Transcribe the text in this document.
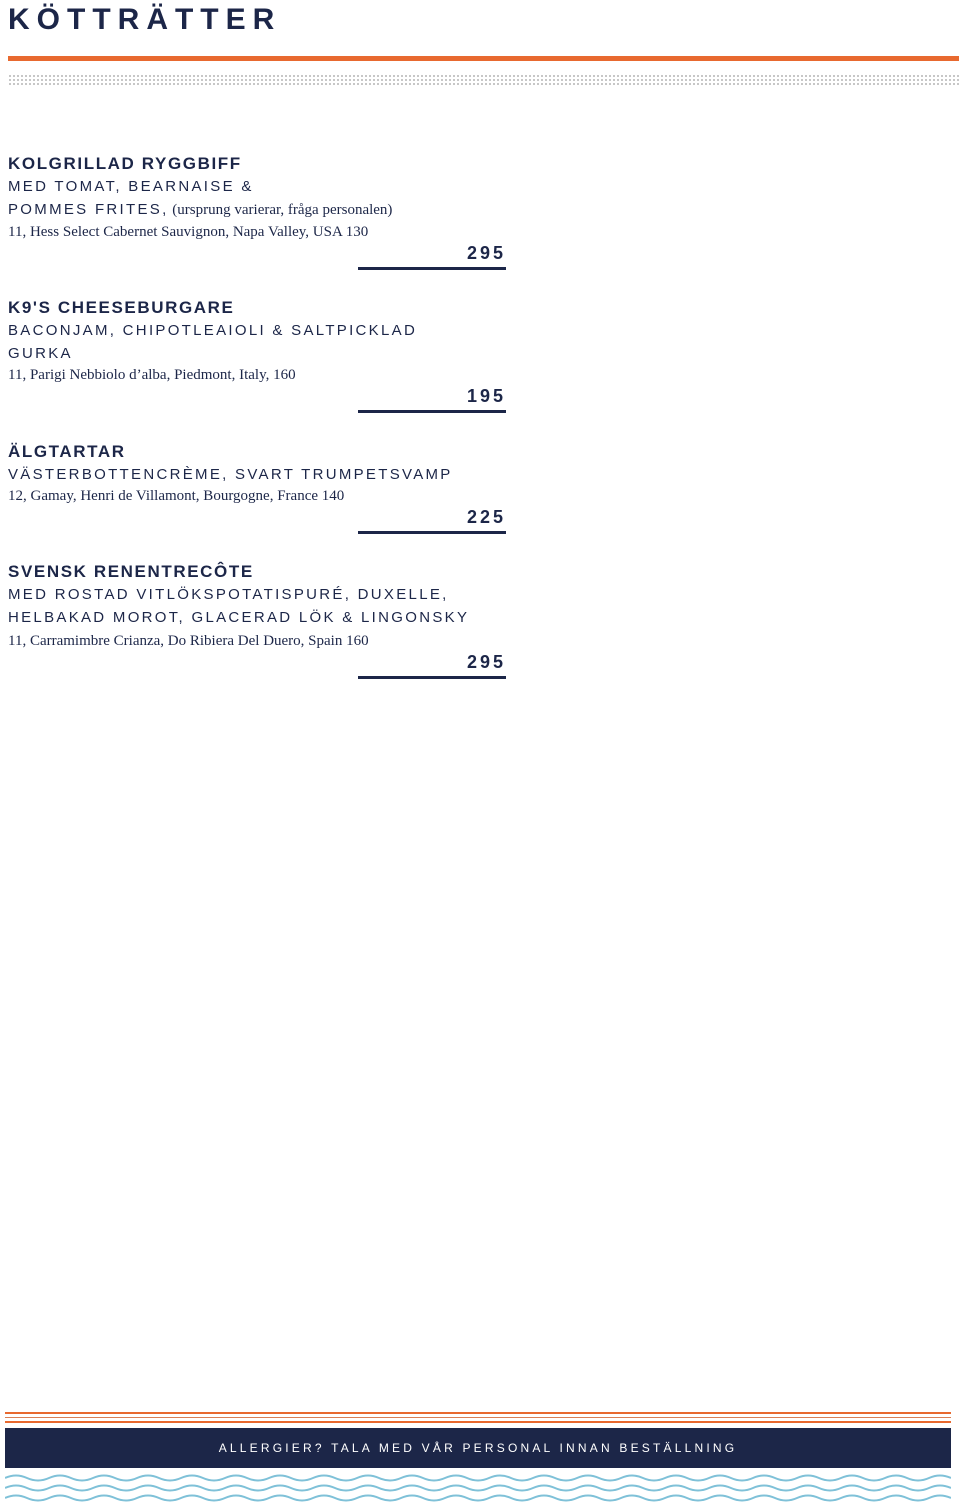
KÖTTRÄTTER

KOLGRILLAD RYGGBIFF

MED TOMAT, BEARNAISE &

POMMES FRITES, (ursprung varierar, fråga personalen)

11, Hess Select Cabernet Sauvignon, Napa Valley, USA 130

295

K9'S CHEESEBURGARE

BACONJAM, CHIPOTLEAIOLI & SALTPICKLAD

GURKA

11, Parigi Nebbiolo d’alba, Piedmont, Italy, 160

195

ÄLGTARTAR

VÄSTERBOTTENCRÈME, SVART TRUMPETSVAMP

12, Gamay, Henri de Villamont, Bourgogne, France 140

225

SVENSK RENENTRECÔTE

MED ROSTAD VITLÖKSPOTATISPURÉ, DUXELLE,

HELBAKAD MOROT, GLACERAD LÖK & LINGONSKY

11, Carramimbre Crianza, Do Ribiera Del Duero, Spain 160

295
ALLERGIER? TALA MED VÅR PERSONAL INNAN BESTÄLLNING
